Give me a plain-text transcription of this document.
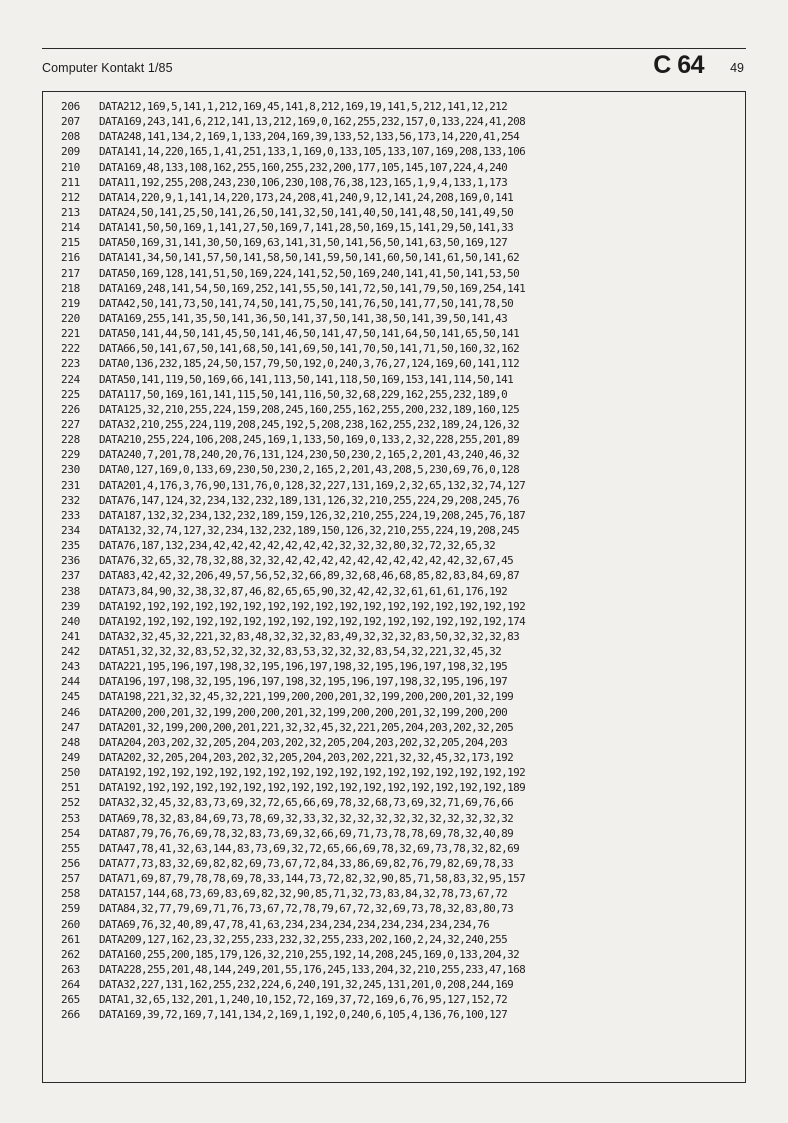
Computer Kontakt 1/85	C 64 49
206 DATA212,169,5,141,1,212,169,45,141,8,212,169,19,141,5,212,141,12,212
207 DATA169,243,141,6,212,141,13,212,169,0,162,255,232,157,0,133,224,41,208
208 DATA248,141,134,2,169,1,133,204,169,39,133,52,133,56,173,14,220,41,254
209 DATA141,14,220,165,1,41,251,133,1,169,0,133,105,133,107,169,208,133,106
210 DATA169,48,133,108,162,255,160,255,232,200,177,105,145,107,224,4,240
211 DATA11,192,255,208,243,230,106,230,108,76,38,123,165,1,9,4,133,1,173
212 DATA14,220,9,1,141,14,220,173,24,208,41,240,9,12,141,24,208,169,0,141
213 DATA24,50,141,25,50,141,26,50,141,32,50,141,40,50,141,48,50,141,49,50
214 DATA141,50,50,169,1,141,27,50,169,7,141,28,50,169,15,141,29,50,141,33
215 DATA50,169,31,141,30,50,169,63,141,31,50,141,56,50,141,63,50,169,127
216 DATA141,34,50,141,57,50,141,58,50,141,59,50,141,60,50,141,61,50,141,62
217 DATA50,169,128,141,51,50,169,224,141,52,50,169,240,141,41,50,141,53,50
218 DATA169,248,141,54,50,169,252,141,55,50,141,72,50,141,79,50,169,254,141
219 DATA42,50,141,73,50,141,74,50,141,75,50,141,76,50,141,77,50,141,78,50
220 DATA169,255,141,35,50,141,36,50,141,37,50,141,38,50,141,39,50,141,43
221 DATA50,141,44,50,141,45,50,141,46,50,141,47,50,141,64,50,141,65,50,141
222 DATA66,50,141,67,50,141,68,50,141,69,50,141,70,50,141,71,50,160,32,162
223 DATA0,136,232,185,24,50,157,79,50,192,0,240,3,76,27,124,169,60,141,112
224 DATA50,141,119,50,169,66,141,113,50,141,118,50,169,153,141,114,50,141
225 DATA117,50,169,161,141,115,50,141,116,50,32,68,229,162,255,232,189,0
226 DATA125,32,210,255,224,159,208,245,160,255,162,255,200,232,189,160,125
227 DATA32,210,255,224,119,208,245,192,5,208,238,162,255,232,189,24,126,32
228 DATA210,255,224,106,208,245,169,1,133,50,169,0,133,2,32,228,255,201,89
229 DATA240,7,201,78,240,20,76,131,124,230,50,230,2,165,2,201,43,240,46,32
230 DATA0,127,169,0,133,69,230,50,230,2,165,2,201,43,208,5,230,69,76,0,128
231 DATA201,4,176,3,76,90,131,76,0,128,32,227,131,169,2,32,65,132,32,74,127
232 DATA76,147,124,32,234,132,232,189,131,126,32,210,255,224,29,208,245,76
233 DATA187,132,32,234,132,232,189,159,126,32,210,255,224,19,208,245,76,187
234 DATA132,32,74,127,32,234,132,232,189,150,126,32,210,255,224,19,208,245
235 DATA76,187,132,234,42,42,42,42,42,42,42,32,32,32,80,32,72,32,65,32
236 DATA76,32,65,32,78,32,88,32,32,42,42,42,42,42,42,42,42,42,42,32,67,45
237 DATA83,42,42,32,206,49,57,56,52,32,66,89,32,68,46,68,85,82,83,84,69,87
238 DATA73,84,90,32,38,32,87,46,82,65,65,90,32,42,42,32,61,61,61,176,192
239 DATA192,192,192,192,192,192,192,192,192,192,192,192,192,192,192,192,192
240 DATA192,192,192,192,192,192,192,192,192,192,192,192,192,192,192,192,174
241 DATA32,32,45,32,221,32,83,48,32,32,32,83,49,32,32,32,83,50,32,32,32,83
242 DATA51,32,32,32,83,52,32,32,32,83,53,32,32,32,83,54,32,221,32,45,32
243 DATA221,195,196,197,198,32,195,196,197,198,32,195,196,197,198,32,195
244 DATA196,197,198,32,195,196,197,198,32,195,196,197,198,32,195,196,197
245 DATA198,221,32,32,45,32,221,199,200,200,201,32,199,200,200,201,32,199
246 DATA200,200,201,32,199,200,200,201,32,199,200,200,201,32,199,200,200
247 DATA201,32,199,200,200,201,221,32,32,45,32,221,205,204,203,202,32,205
248 DATA204,203,202,32,205,204,203,202,32,205,204,203,202,32,205,204,203
249 DATA202,32,205,204,203,202,32,205,204,203,202,221,32,32,45,32,173,192
250 DATA192,192,192,192,192,192,192,192,192,192,192,192,192,192,192,192,192
251 DATA192,192,192,192,192,192,192,192,192,192,192,192,192,192,192,192,189
252 DATA32,32,45,32,83,73,69,32,72,65,66,69,78,32,68,73,69,32,71,69,76,66
253 DATA69,78,32,83,84,69,73,78,69,32,33,32,32,32,32,32,32,32,32,32,32,32
254 DATA87,79,76,76,69,78,32,83,73,69,32,66,69,71,73,78,78,69,78,32,40,89
255 DATA47,78,41,32,63,144,83,73,69,32,72,65,66,69,78,32,69,73,78,32,82,69
256 DATA77,73,83,32,69,82,82,69,73,67,72,84,33,86,69,82,76,79,82,69,78,33
257 DATA71,69,87,79,78,78,69,78,33,144,73,72,82,32,90,85,71,58,83,32,95,157
258 DATA157,144,68,73,69,83,69,82,32,90,85,71,32,73,83,84,32,78,73,67,72
259 DATA84,32,77,79,69,71,76,73,67,72,78,79,67,72,32,69,73,78,32,83,80,73
260 DATA69,76,32,40,89,47,78,41,63,234,234,234,234,234,234,234,234,76
261 DATA209,127,162,23,32,255,233,232,32,255,233,202,160,2,24,32,240,255
262 DATA160,255,200,185,179,126,32,210,255,192,14,208,245,169,0,133,204,32
263 DATA228,255,201,48,144,249,201,55,176,245,133,204,32,210,255,233,47,168
264 DATA32,227,131,162,255,232,224,6,240,191,32,245,131,201,0,208,244,169
265 DATA1,32,65,132,201,1,240,10,152,72,169,37,72,169,6,76,95,127,152,72
266 DATA169,39,72,169,7,141,134,2,169,1,192,0,240,6,105,4,136,76,100,127
